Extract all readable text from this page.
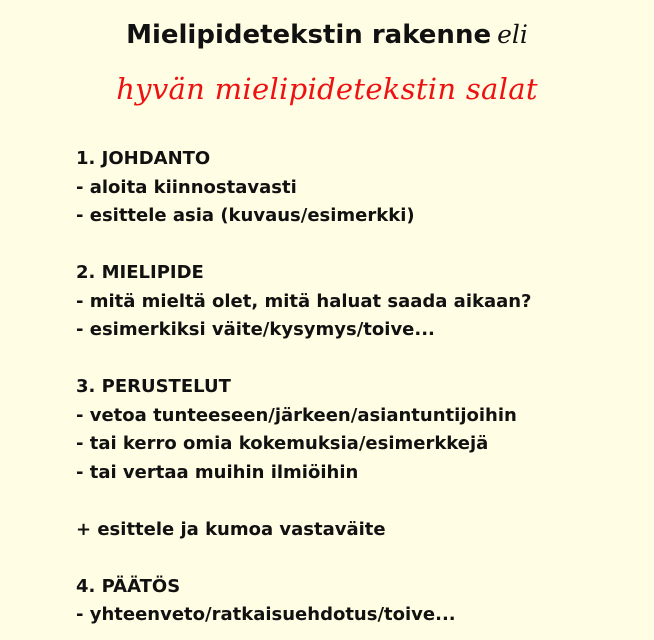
Mielipidetekstin rakenne eli
hyvän mielipidetekstin salat
1. JOHDANTO
- aloita kiinnostavasti
- esittele asia (kuvaus/esimerkki)
2. MIELIPIDE
- mitä mieltä olet, mitä haluat saada aikaan?
- esimerkiksi väite/kysymys/toive...
3. PERUSTELUT
- vetoa tunteeseen/järkeen/asiantuntijoihin
- tai kerro omia kokemuksia/esimerkkejä
- tai vertaa muihin ilmiöihin
+ esittele ja kumoa vastaväite
4. PÄÄTÖS
- yhteenveto/ratkaisuehdotus/toive...
